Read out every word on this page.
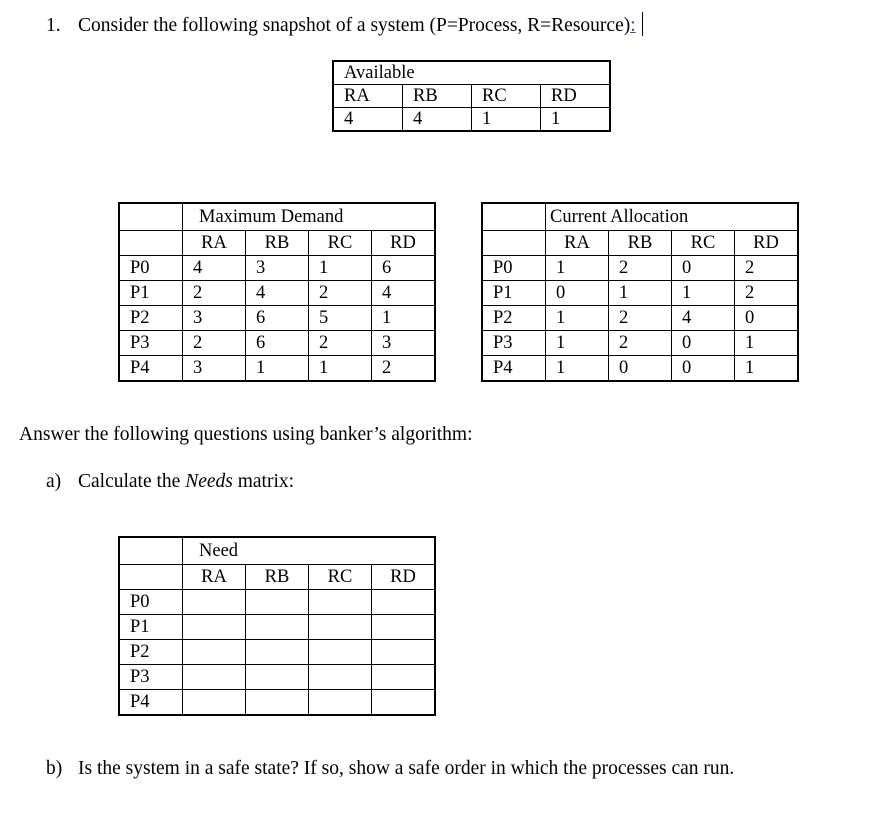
1. Consider the following snapshot of a system (P=Process, R=Resource):
Available			
RA	RB	RC	RD
4	4	1	1
	Maximum Demand			
	RA	RB	RC	RD
P0	4	3	1	6
P1	2	4	2	4
P2	3	6	5	1
P3	2	6	2	3
P4	3	1	1	2
	Current Allocation			
	RA	RB	RC	RD
P0	1	2	0	2
P1	0	1	1	2
P2	1	2	4	0
P3	1	2	0	1
P4	1	0	0	1
Answer the following questions using banker’s algorithm:
a) Calculate the Needs matrix:
	Need			
	RA	RB	RC	RD
P0				
P1				
P2				
P3				
P4				
b) Is the system in a safe state? If so, show a safe order in which the processes can run.
